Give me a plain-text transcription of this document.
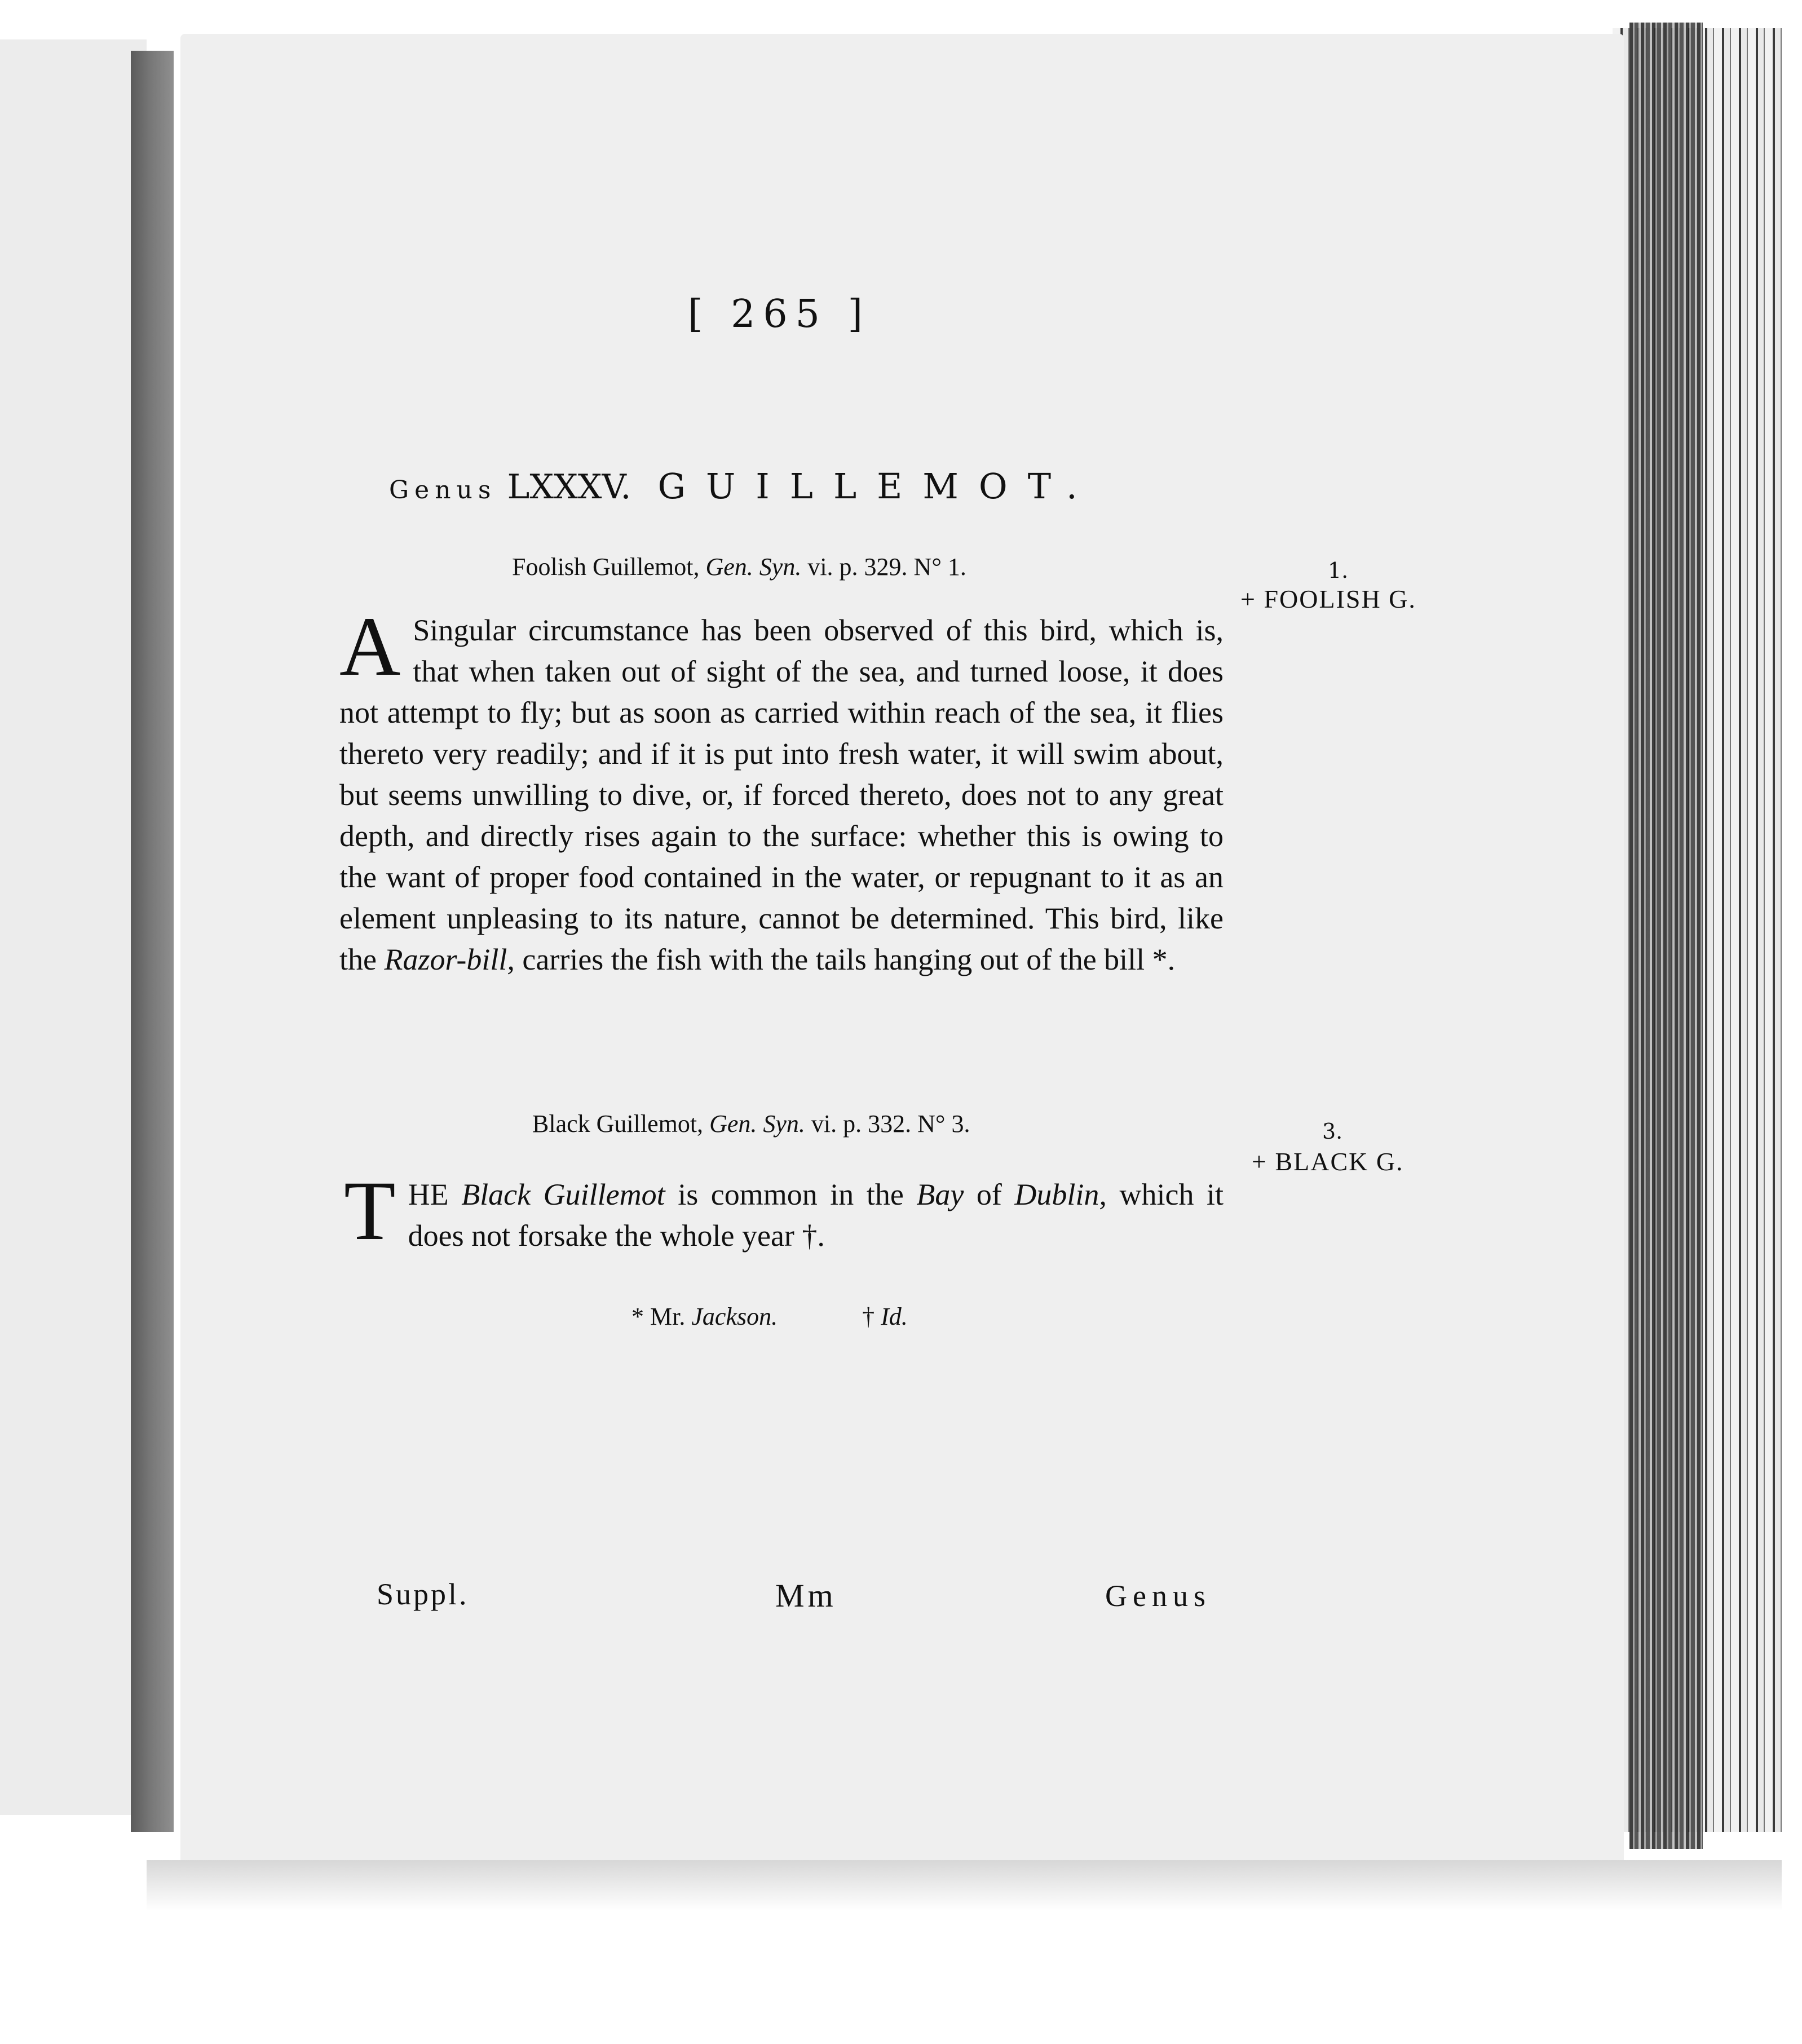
[ 265 ]
Genus LXXXV. GUILLEMOT.
Foolish Guillemot, Gen. Syn. vi. p. 329. N° 1.	1.
+ FOOLISH G.
A Singular circumstance has been observed of this bird, which is, that when taken out of sight of the sea, and turned loose, it does not attempt to fly; but as soon as carried within reach of the sea, it flies thereto very readily; and if it is put into fresh water, it will swim about, but seems unwilling to dive, or, if forced thereto, does not to any great depth, and directly rises again to the surface: whether this is owing to the want of proper food contained in the water, or repugnant to it as an element unpleasing to its nature, cannot be determined. This bird, like the Razor-bill, carries the fish with the tails hanging out of the bill *.
Black Guillemot, Gen. Syn. vi. p. 332. N° 3.	3.
+ BLACK G.
THE Black Guillemot is common in the Bay of Dublin, which it does not forsake the whole year †.
* Mr. Jackson.	† Id.
Suppl.	Mm	Genus
